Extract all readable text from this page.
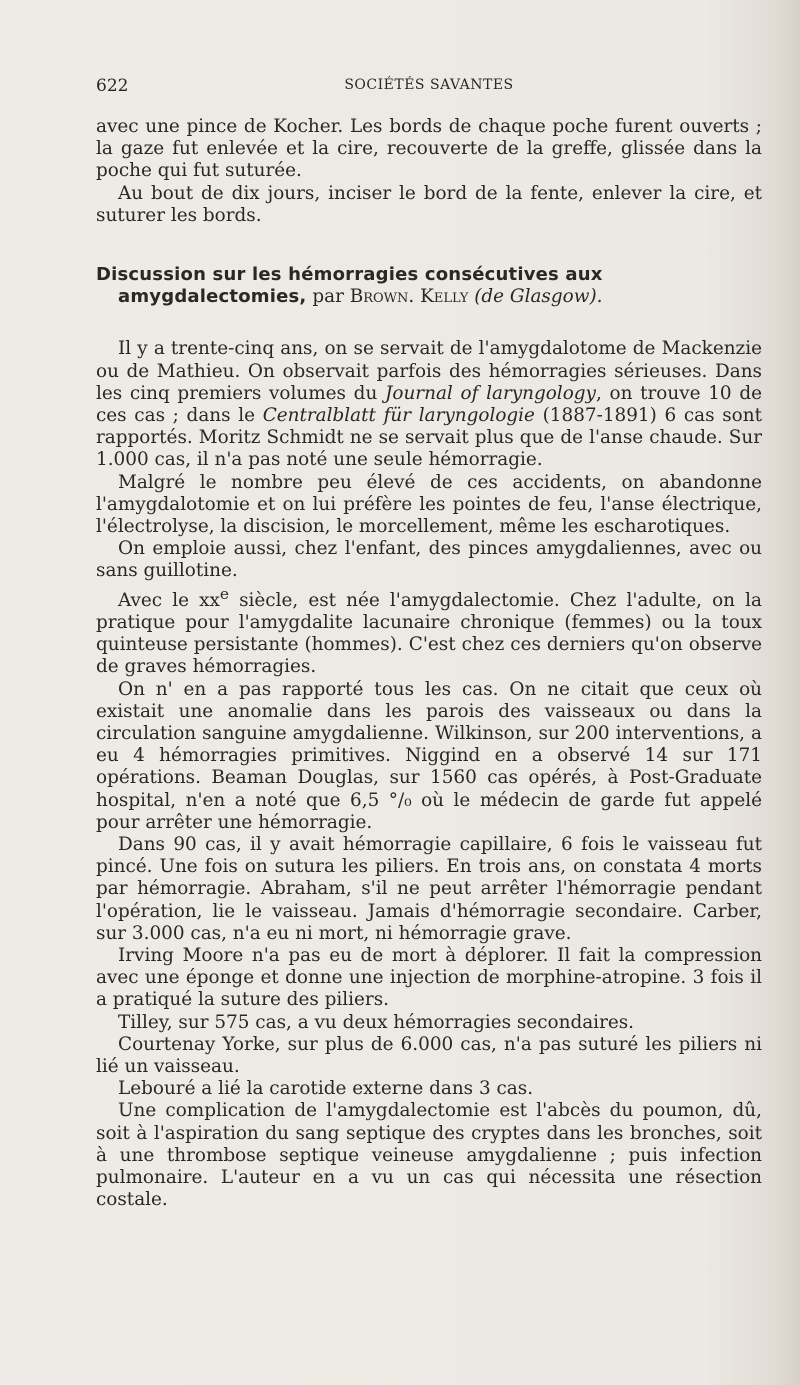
622	SOCIÉTÉS SAVANTES

avec une pince de Kocher. Les bords de chaque poche furent ouverts ; la gaze fut enlevée et la cire, recouverte de la greffe, glissée dans la poche qui fut suturée.

Au bout de dix jours, inciser le bord de la fente, enlever la cire, et suturer les bords.

Discussion sur les hémorragies consécutives aux amygdalectomies, par Brown. Kelly (de Glasgow).

Il y a trente-cinq ans, on se servait de l'amygdalotome de Mackenzie ou de Mathieu. On observait parfois des hémorragies sérieuses. Dans les cinq premiers volumes du Journal of laryngology, on trouve 10 de ces cas ; dans le Centralblatt für laryngologie (1887-1891) 6 cas sont rapportés. Moritz Schmidt ne se servait plus que de l'anse chaude. Sur 1.000 cas, il n'a pas noté une seule hémorragie.

Malgré le nombre peu élevé de ces accidents, on abandonne l'amygdalotomie et on lui préfère les pointes de feu, l'anse électrique, l'électrolyse, la discision, le morcellement, même les escharotiques.

On emploie aussi, chez l'enfant, des pinces amygdaliennes, avec ou sans guillotine.

Avec le $xx^e$ siècle, est née l'amygdalectomie. Chez l'adulte, on la pratique pour l'amygdalite lacunaire chronique (femmes) ou la toux quinteuse persistante (hommes). C'est chez ces derniers qu'on observe de graves hémorragies.

On n' en a pas rapporté tous les cas. On ne citait que ceux où existait une anomalie dans les parois des vaisseaux ou dans la circulation sanguine amygdalienne. Wilkinson, sur 200 interventions, a eu 4 hémorragies primitives. Niggind en a observé 14 sur 171 opérations. Beaman Douglas, sur 1560 cas opérés, à Post-Graduate hospital, n'en a noté que 6,5 °/₀ où le médecin de garde fut appelé pour arrêter une hémorragie.

Dans 90 cas, il y avait hémorragie capillaire, 6 fois le vaisseau fut pincé. Une fois on sutura les piliers. En trois ans, on constata 4 morts par hémorragie. Abraham, s'il ne peut arrêter l'hémorragie pendant l'opération, lie le vaisseau. Jamais d'hémorragie secondaire. Carber, sur 3.000 cas, n'a eu ni mort, ni hémorragie grave.

Irving Moore n'a pas eu de mort à déplorer. Il fait la compression avec une éponge et donne une injection de morphine-atropine. 3 fois il a pratiqué la suture des piliers.

Tilley, sur 575 cas, a vu deux hémorragies secondaires.

Courtenay Yorke, sur plus de 6.000 cas, n'a pas suturé les piliers ni lié un vaisseau.

Lebouré a lié la carotide externe dans 3 cas.

Une complication de l'amygdalectomie est l'abcès du poumon, dû, soit à l'aspiration du sang septique des cryptes dans les bronches, soit à une thrombose septique veineuse amygdalienne ; puis infection pulmonaire. L'auteur en a vu un cas qui nécessita une résection costale.
